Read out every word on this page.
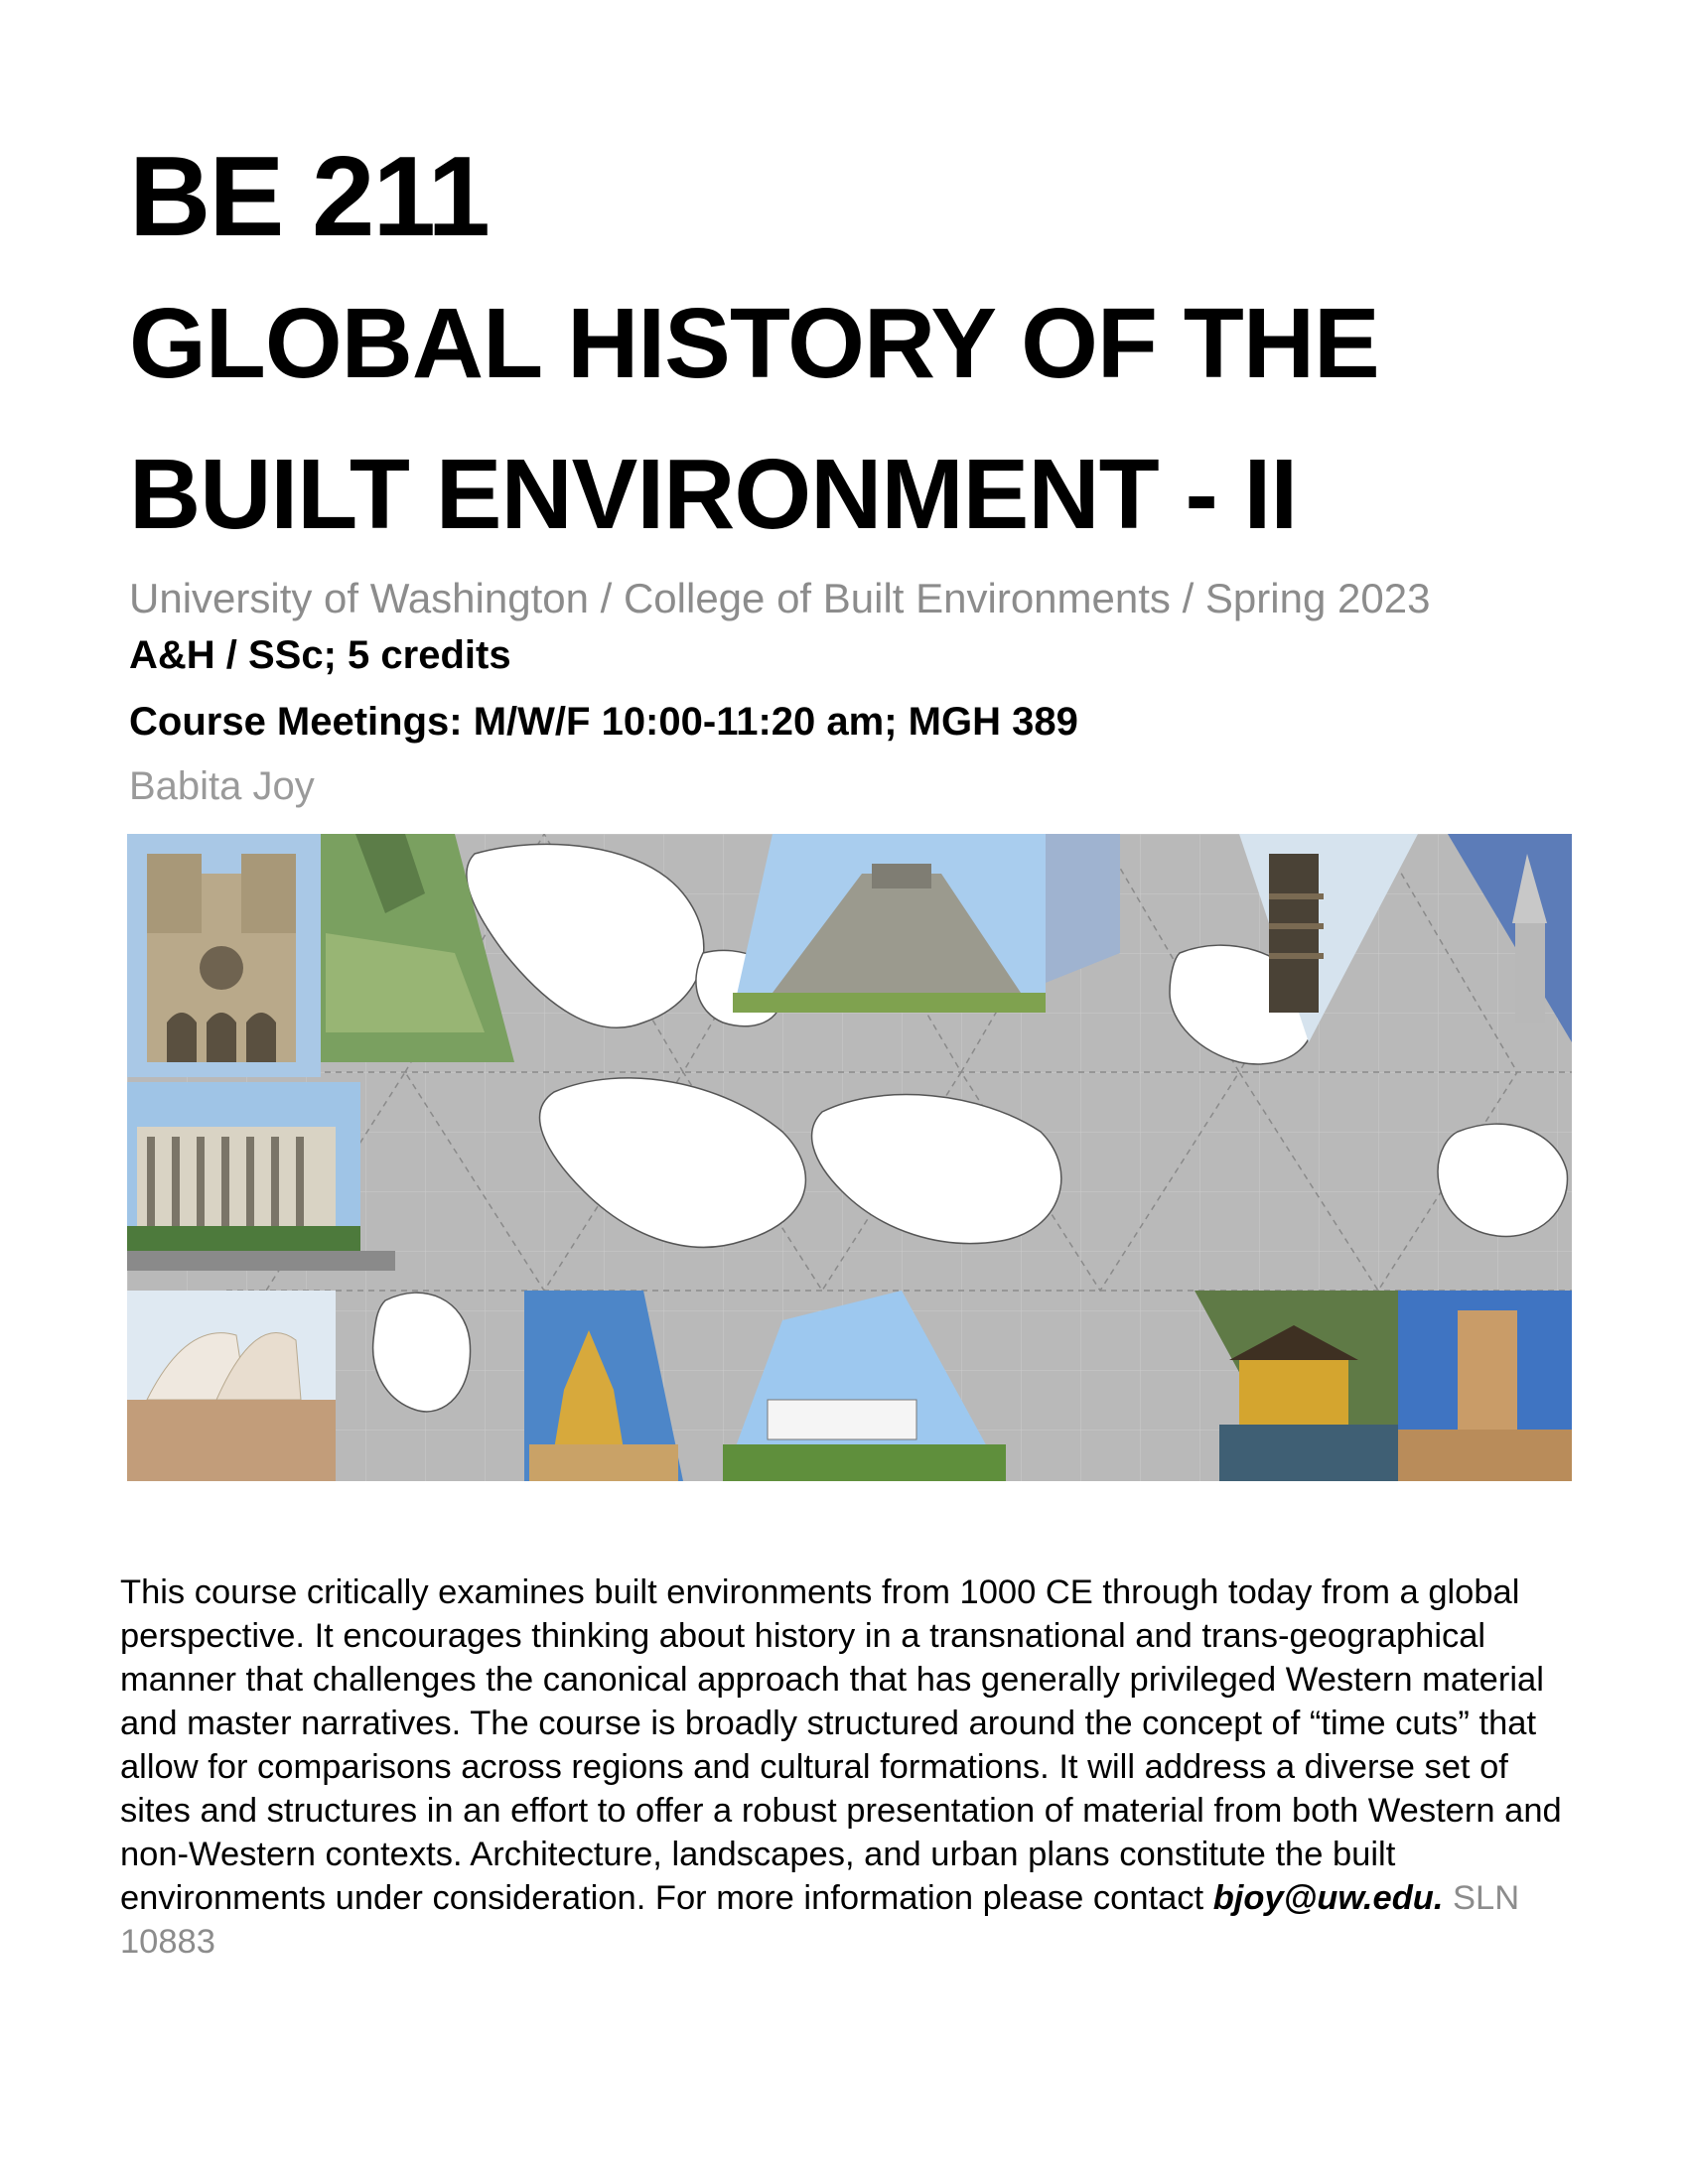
BE 211
GLOBAL HISTORY OF THE
BUILT ENVIRONMENT - II
University of Washington / College of Built Environments / Spring 2023
A&H / SSc; 5 credits
Course Meetings: M/W/F 10:00-11:20 am; MGH 389
Babita Joy
This course critically examines built environments from 1000 CE through today from a global perspective. It encourages thinking about history in a transnational and trans-geographical manner that challenges the canonical approach that has generally privileged Western material and master narratives. The course is broadly structured around the concept of “time cuts” that allow for comparisons across regions and cultural formations. It will address a diverse set of sites and structures in an effort to offer a robust presentation of material from both Western and non-Western contexts. Architecture, landscapes, and urban plans constitute the built environments under consideration. For more information please contact bjoy@uw.edu. SLN 10883
